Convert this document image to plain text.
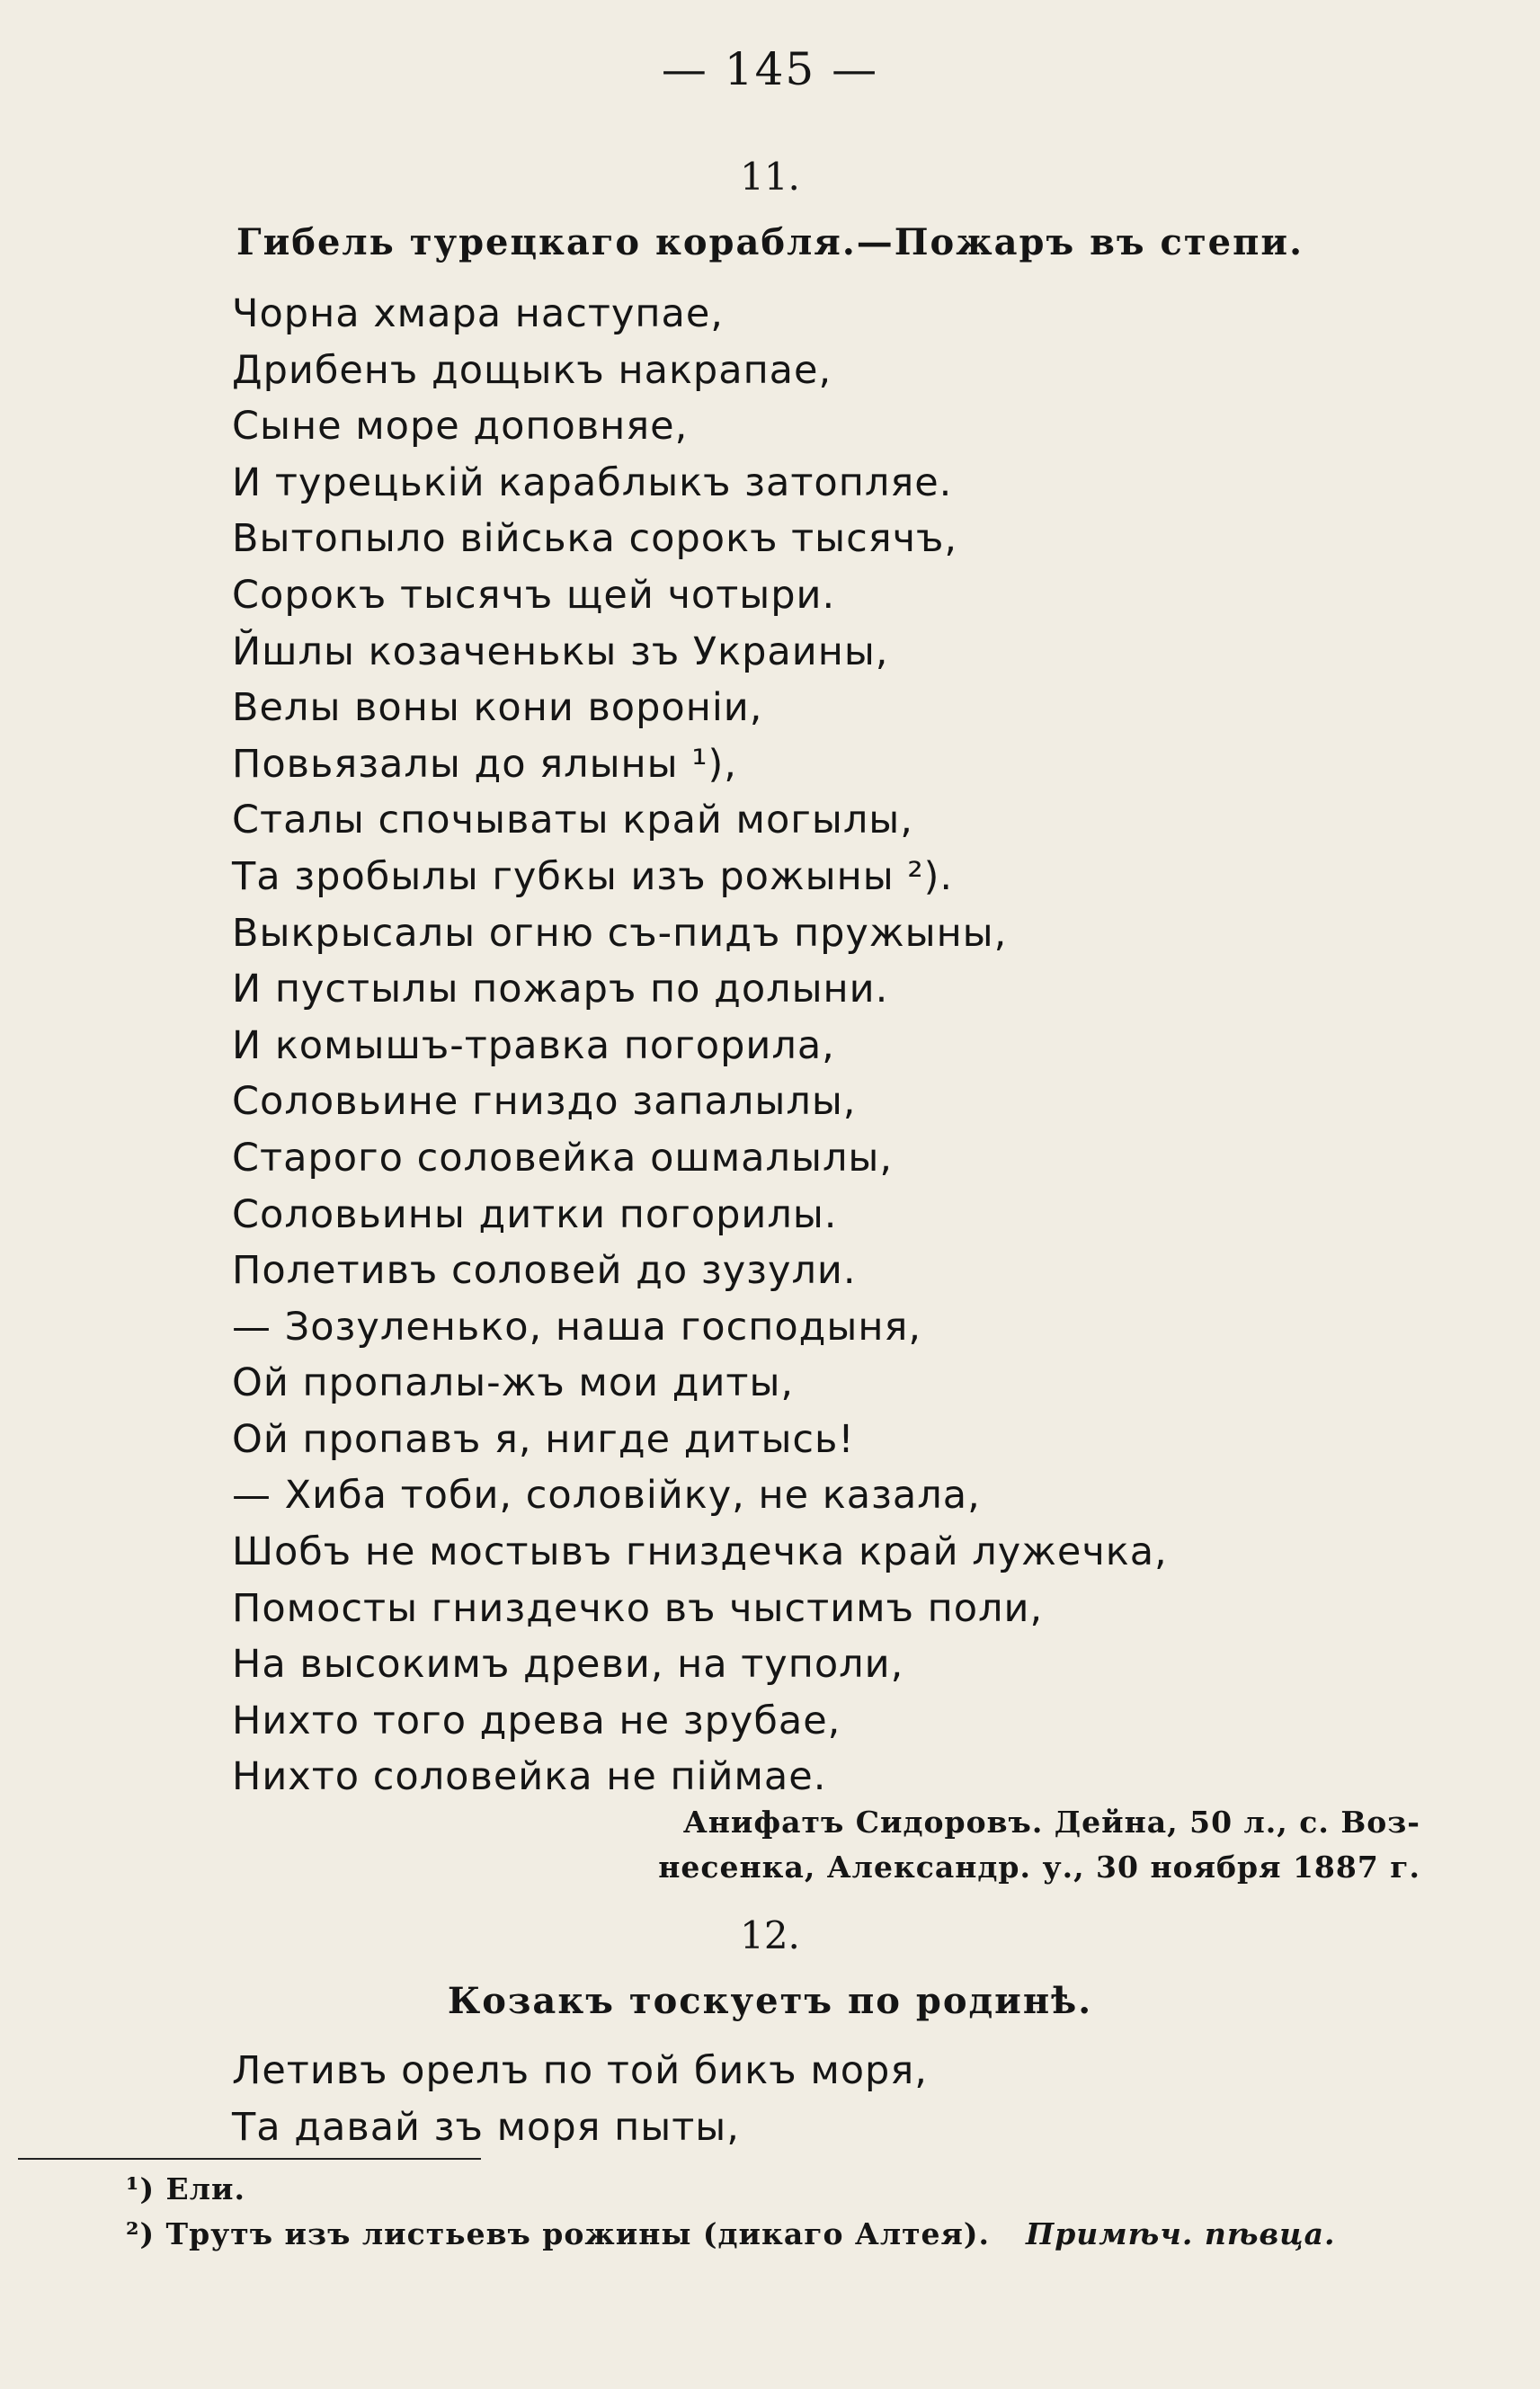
— 145 —
11.
Гибель турецкаго корабля.—Пожаръ въ степи.
Чорна хмара наступае,
Дрибенъ дощыкъ накрапае,
Сыне море доповняе,
И турецькій караблыкъ затопляе.
Вытопыло війська сорокъ тысячъ,
Сорокъ тысячъ щей чотыри.
Йшлы козаченькы зъ Украины,
Велы воны кони вороніи,
Повьязалы до ялыны ¹),
Сталы спочываты край могылы,
Та зробылы губкы изъ рожыны ²).
Выкрысалы огню съ-пидъ пружыны,
И пустылы пожаръ по долыни.
И комышъ-травка погорила,
Соловьине гниздо запалылы,
Старого соловейка ошмалылы,
Соловьины дитки погорилы.
Полетивъ соловей до зузули.
— Зозуленько, наша господыня,
Ой пропалы-жъ мои диты,
Ой пропавъ я, нигде дитысь!
— Хиба тоби, соловійку, не казала,
Шобъ не мостывъ гниздечка край лужечка,
Помосты гниздечко въ чыстимъ поли,
На высокимъ древи, на туполи,
Нихто того древа не зрубае,
Нихто соловейка не піймае.
Анифатъ Сидоровъ. Дейна, 50 л., с. Воз-
несенка, Александр. у., 30 ноября 1887 г.
12.
Козакъ тоскуетъ по родинѣ.
Летивъ орелъ по той бикъ моря,
Та давай зъ моря пыты,
¹) Ели.
²) Трутъ изъ листьевъ рожины (дикаго Алтея). Примѣч. пѣвца.
